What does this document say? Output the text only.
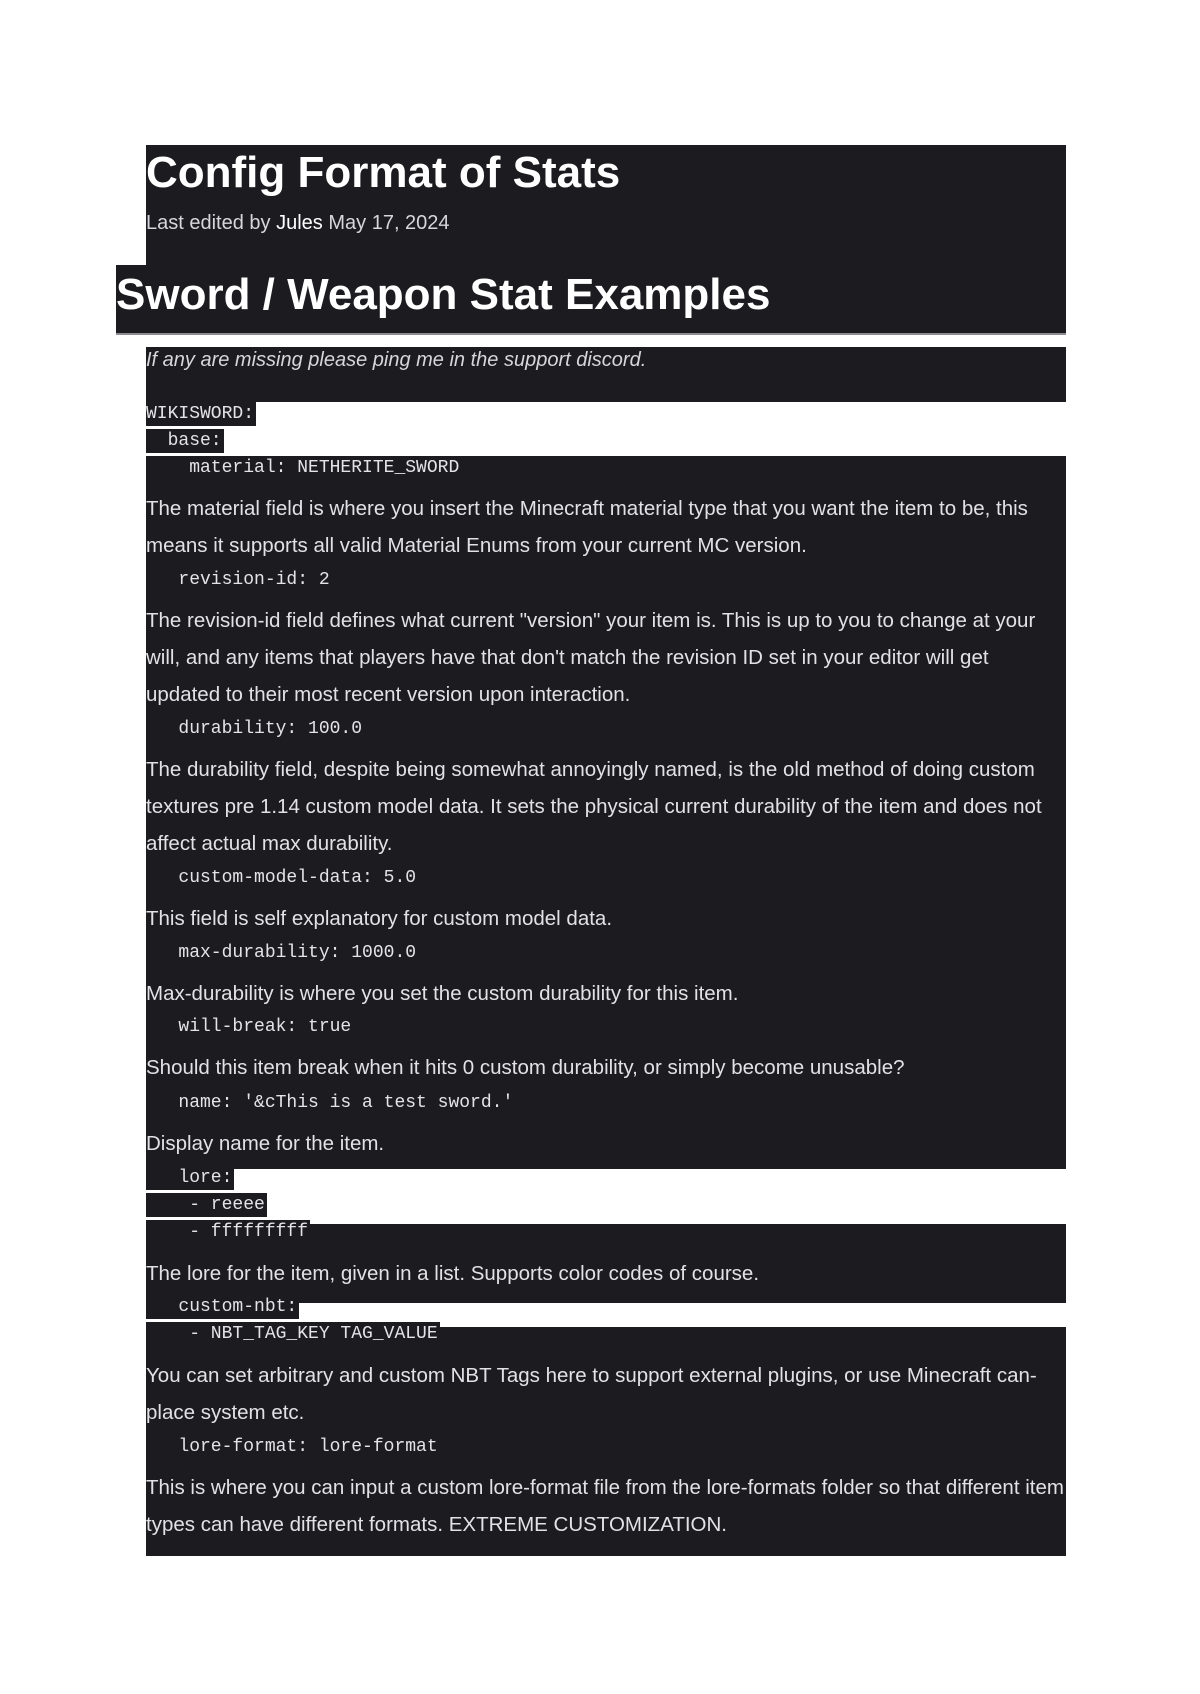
Config Format of Stats
Last edited by Jules May 17, 2024
Sword / Weapon Stat Examples
If any are missing please ping me in the support discord.
WIKISWORD:
base:
material: NETHERITE_SWORD
The material field is where you insert the Minecraft material type that you want the item to be, this means it supports all valid Material Enums from your current MC version.
revision-id: 2
The revision-id field defines what current "version" your item is. This is up to you to change at your will, and any items that players have that don't match the revision ID set in your editor will get updated to their most recent version upon interaction.
durability: 100.0
The durability field, despite being somewhat annoyingly named, is the old method of doing custom textures pre 1.14 custom model data. It sets the physical current durability of the item and does not affect actual max durability.
custom-model-data: 5.0
This field is self explanatory for custom model data.
max-durability: 1000.0
Max-durability is where you set the custom durability for this item.
will-break: true
Should this item break when it hits 0 custom durability, or simply become unusable?
name: '&cThis is a test sword.'
Display name for the item.
lore:
- reeee
- fffffffff
The lore for the item, given in a list. Supports color codes of course.
custom-nbt:
- NBT_TAG_KEY TAG_VALUE
You can set arbitrary and custom NBT Tags here to support external plugins, or use Minecraft can-place system etc.
lore-format: lore-format
This is where you can input a custom lore-format file from the lore-formats folder so that different item types can have different formats. EXTREME CUSTOMIZATION.
